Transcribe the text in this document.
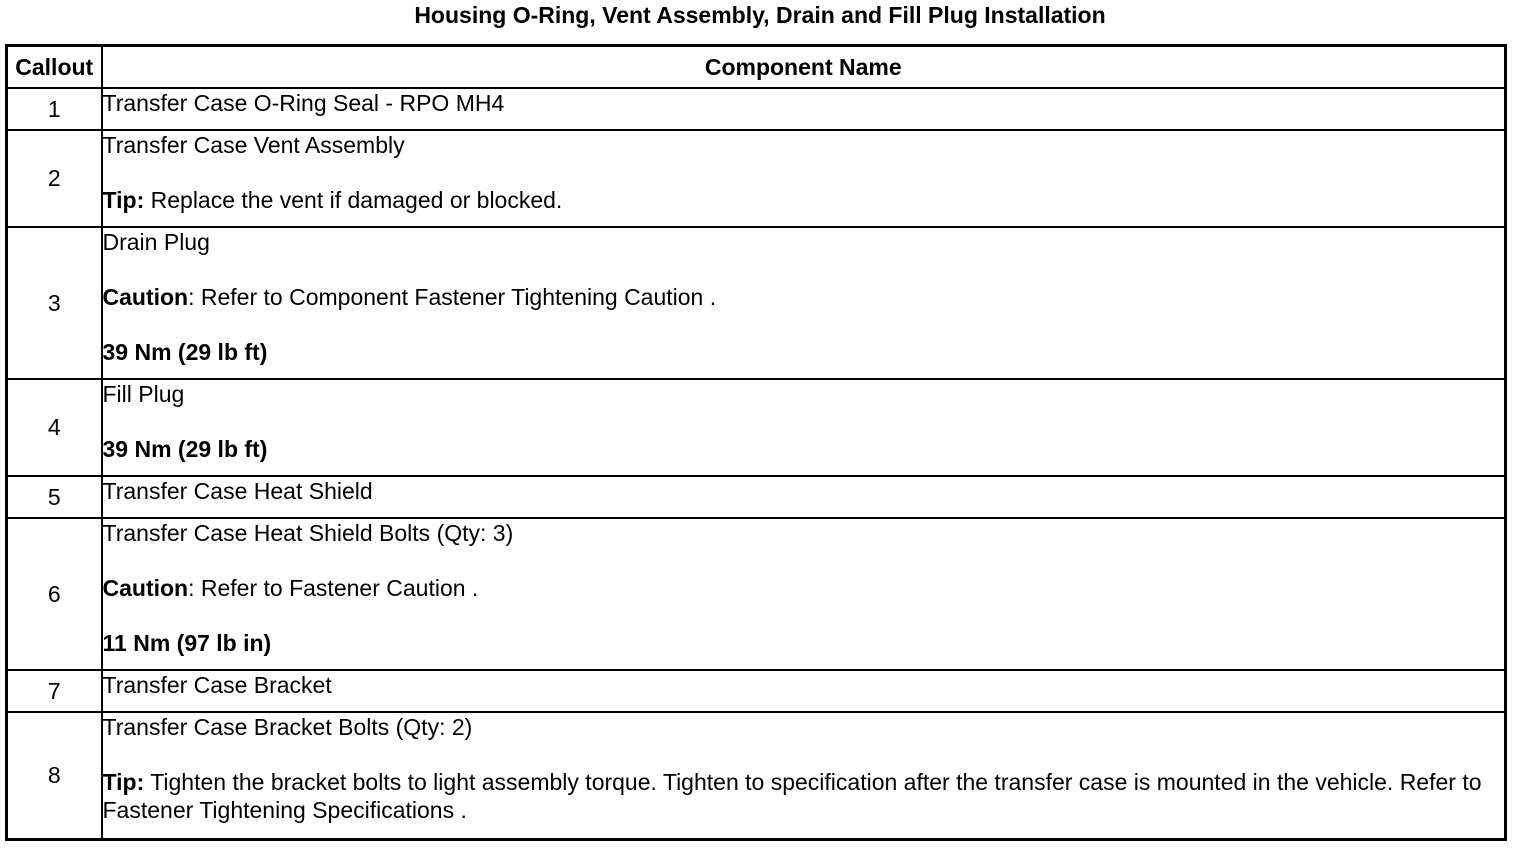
Housing O-Ring, Vent Assembly, Drain and Fill Plug Installation
Callout	Component Name
1	Transfer Case O-Ring Seal - RPO MH4

2	Transfer Case Vent Assembly

Tip: Replace the vent if damaged or blocked.

3	Drain Plug

Caution: Refer to Component Fastener Tightening Caution .

39 Nm (29 lb ft)

4	Fill Plug

39 Nm (29 lb ft)

5	Transfer Case Heat Shield

6	Transfer Case Heat Shield Bolts (Qty: 3)

Caution: Refer to Fastener Caution .

11 Nm (97 lb in)

7	Transfer Case Bracket

8	Transfer Case Bracket Bolts (Qty: 2)

Tip: Tighten the bracket bolts to light assembly torque. Tighten to specification after the transfer case is mounted in the vehicle. Refer to Fastener Tightening Specifications .
